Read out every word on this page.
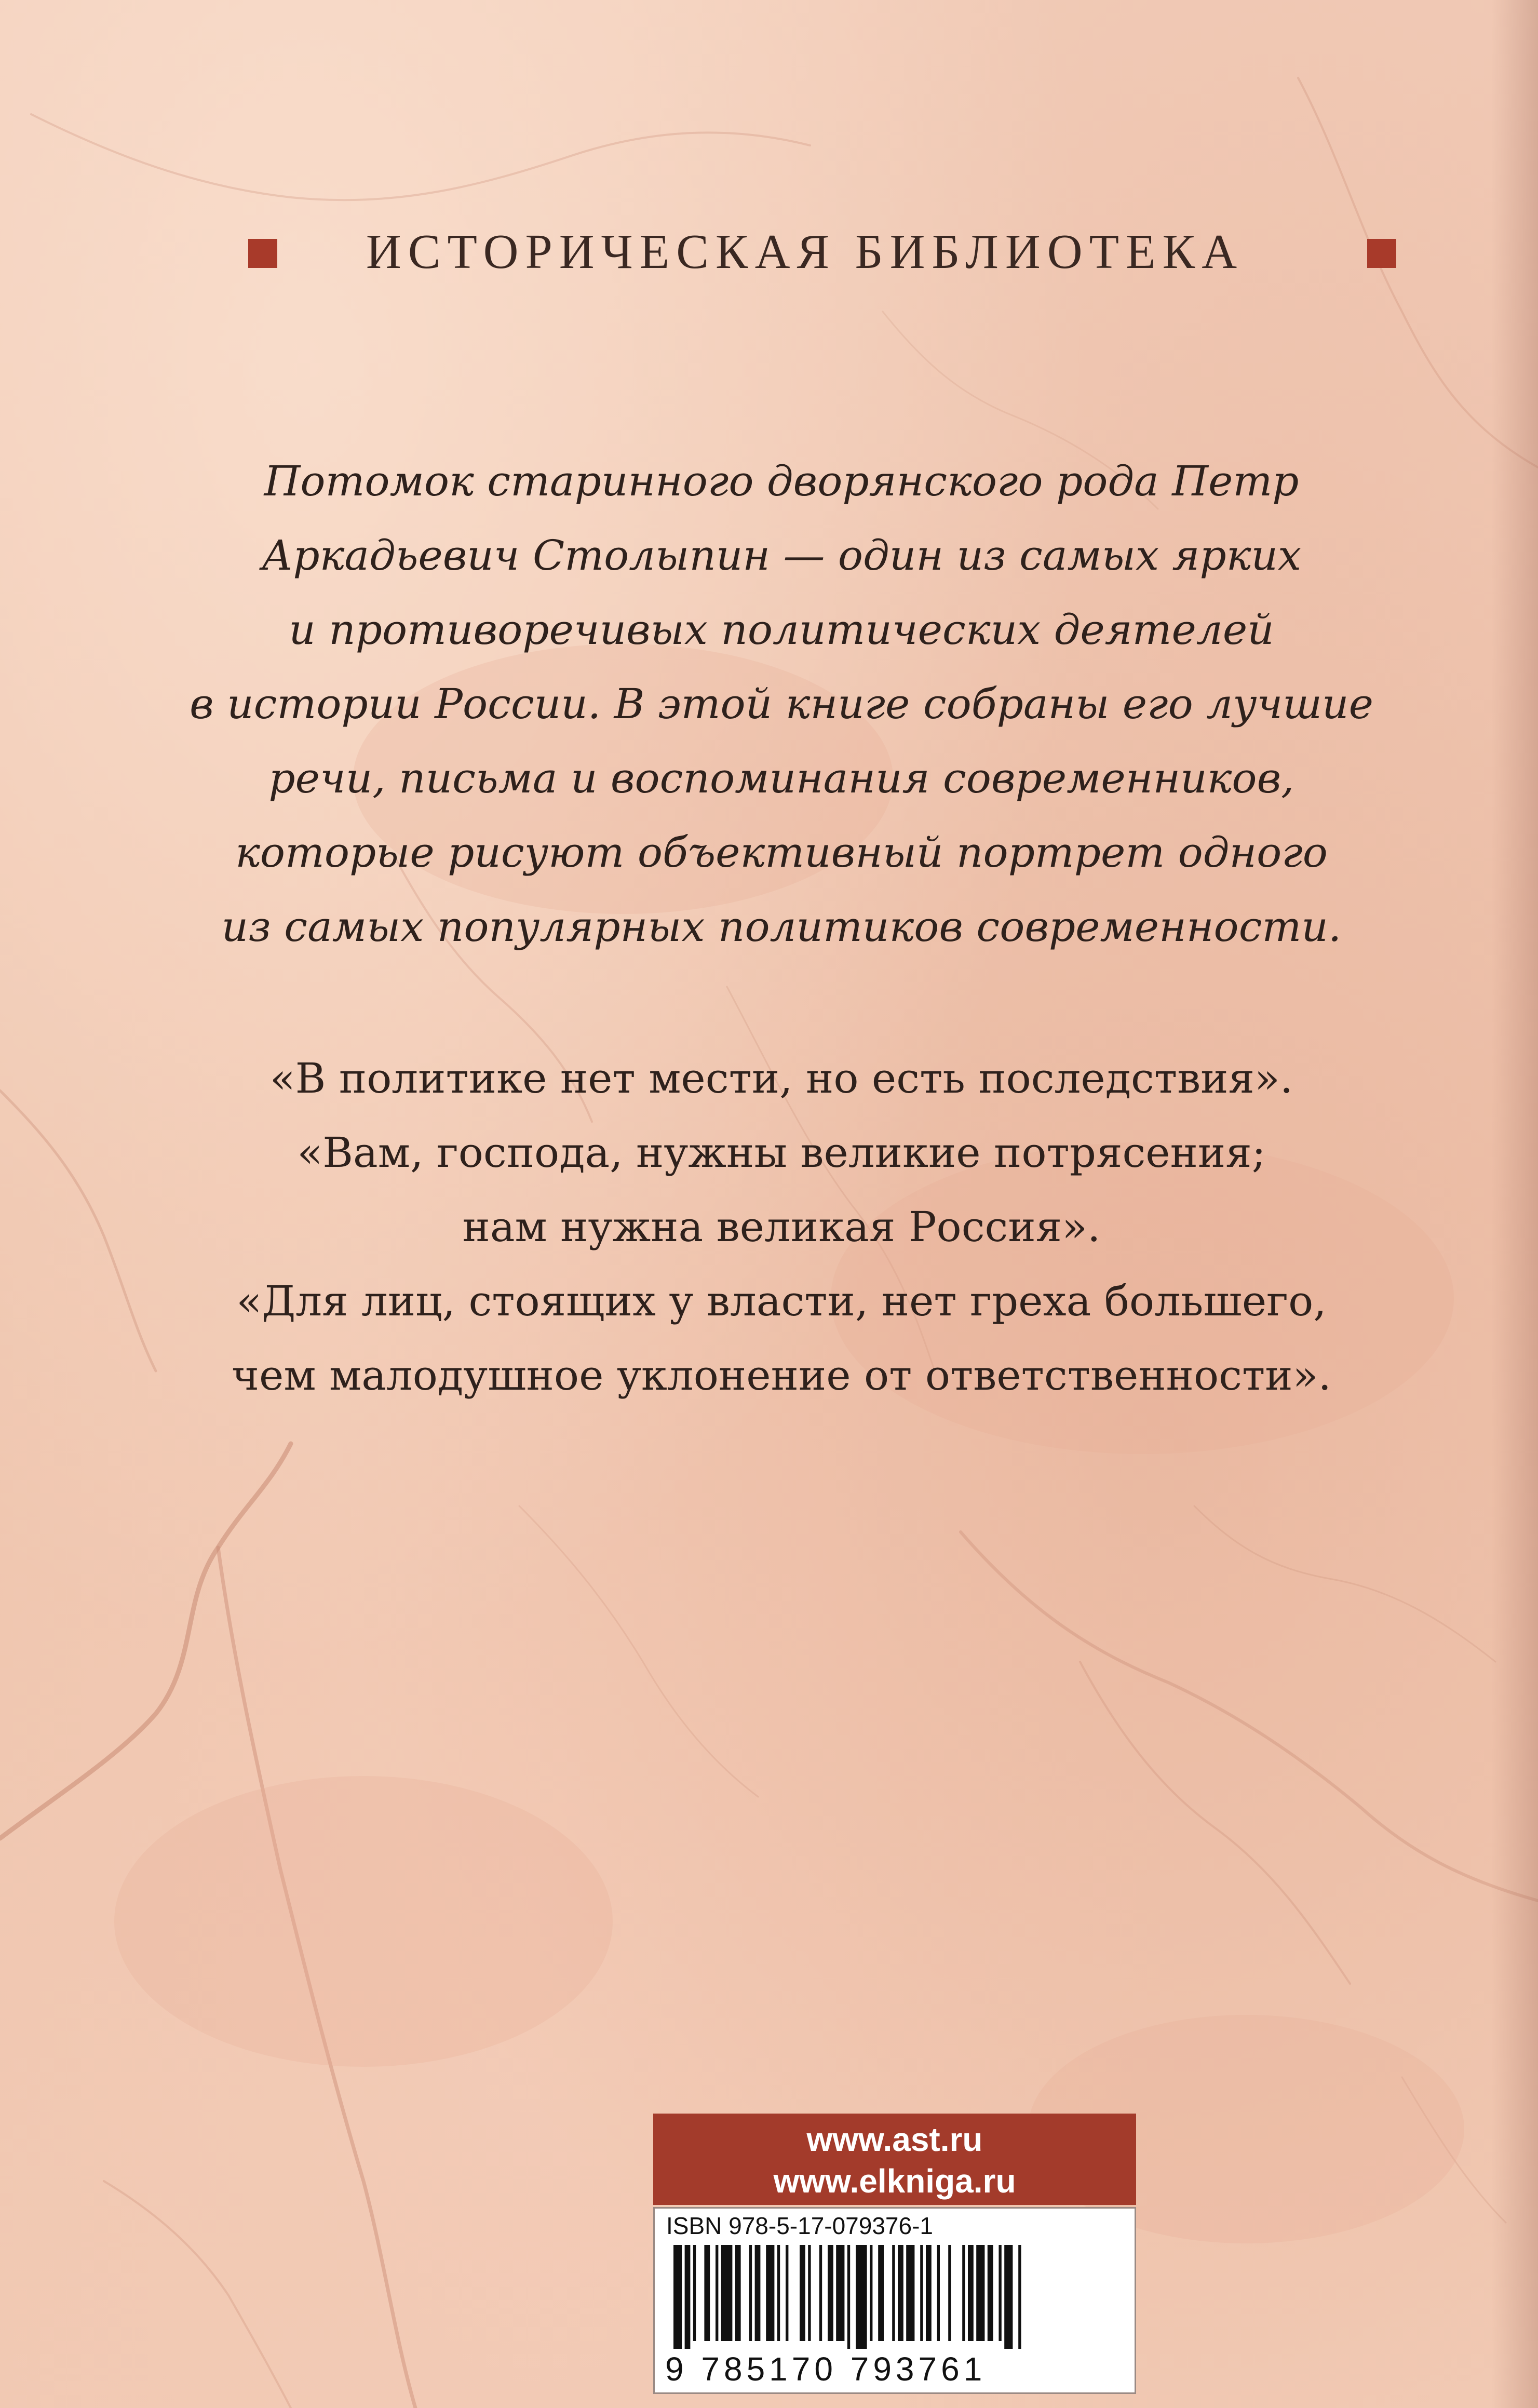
ИСТОРИЧЕСКАЯ БИБЛИОТЕКА
Потомок старинного дворянского рода Петр
Аркадьевич Столыпин — один из самых ярких
и противоречивых политических деятелей
в истории России. В этой книге собраны его лучшие
речи, письма и воспоминания современников,
которые рисуют объективный портрет одного
из самых популярных политиков современности.
«В политике нет мести, но есть последствия».
«Вам, господа, нужны великие потрясения;
нам нужна великая Россия».
«Для лиц, стоящих у власти, нет греха большего,
чем малодушное уклонение от ответственности».
www.ast.ru
www.elkniga.ru
ISBN 978-5-17-079376-1
9 785170 793761
